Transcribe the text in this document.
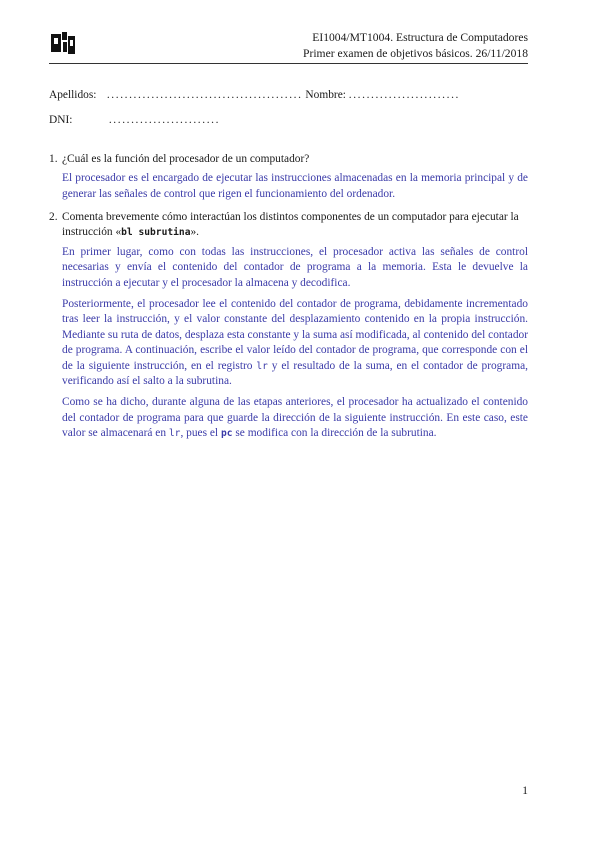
EI1004/MT1004. Estructura de Computadores
Primer examen de objetivos básicos. 26/11/2018
Apellidos: ............................................ Nombre: .........................
DNI:	.........................
1. ¿Cuál es la función del procesador de un computador?

El procesador es el encargado de ejecutar las instrucciones almacenadas en la memoria principal y de generar las señales de control que rigen el funcionamiento del ordenador.

2. Comenta brevemente cómo interactúan los distintos componentes de un computador para ejecutar la instrucción «bl subrutina».

En primer lugar, como con todas las instrucciones, el procesador activa las señales de control necesarias y envía el contenido del contador de programa a la memoria. Esta le devuelve la instrucción a ejecutar y el procesador la almacena y decodifica.

Posteriormente, el procesador lee el contenido del contador de programa, debidamente incrementado tras leer la instrucción, y el valor constante del desplazamiento contenido en la propia instrucción. Mediante su ruta de datos, desplaza esta constante y la suma así modificada, al contenido del contador de programa. A continuación, escribe el valor leído del contador de programa, que corresponde con el de la siguiente instrucción, en el registro lr y el resultado de la suma, en el contador de programa, verificando así el salto a la subrutina.

Como se ha dicho, durante alguna de las etapas anteriores, el procesador ha actualizado el contenido del contador de programa para que guarde la dirección de la siguiente instrucción. En este caso, este valor se almacenará en lr, pues el pc se modifica con la dirección de la subrutina.

1
